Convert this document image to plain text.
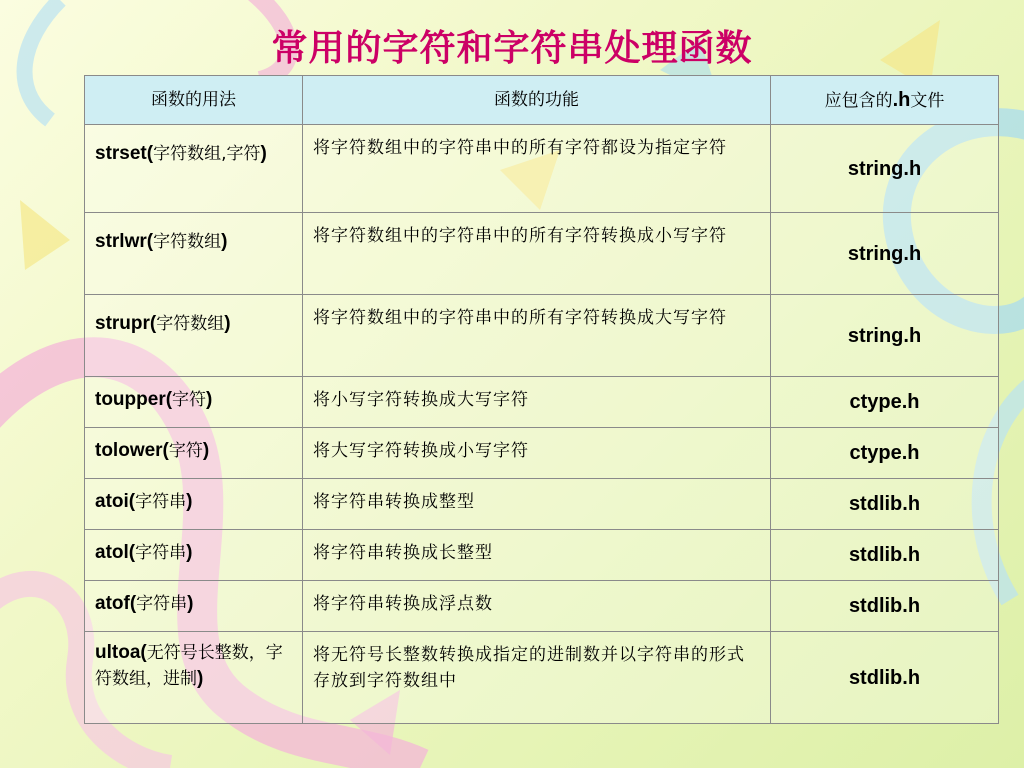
常用的字符和字符串处理函数
函数的用法	函数的功能	应包含的.h文件
strset(字符数组,字符)	将字符数组中的字符串中的所有字符都设为指定字符	string.h
strlwr(字符数组)	将字符数组中的字符串中的所有字符转换成小写字符	string.h
strupr(字符数组)	将字符数组中的字符串中的所有字符转换成大写字符	string.h
toupper(字符)	将小写字符转换成大写字符	ctype.h
tolower(字符)	将大写字符转换成小写字符	ctype.h
atoi(字符串)	将字符串转换成整型	stdlib.h
atol(字符串)	将字符串转换成长整型	stdlib.h
atof(字符串)	将字符串转换成浮点数	stdlib.h
ultoa(无符号长整数，字符数组，进制)	将无符号长整数转换成指定的进制数并以字符串的形式存放到字符数组中	stdlib.h
